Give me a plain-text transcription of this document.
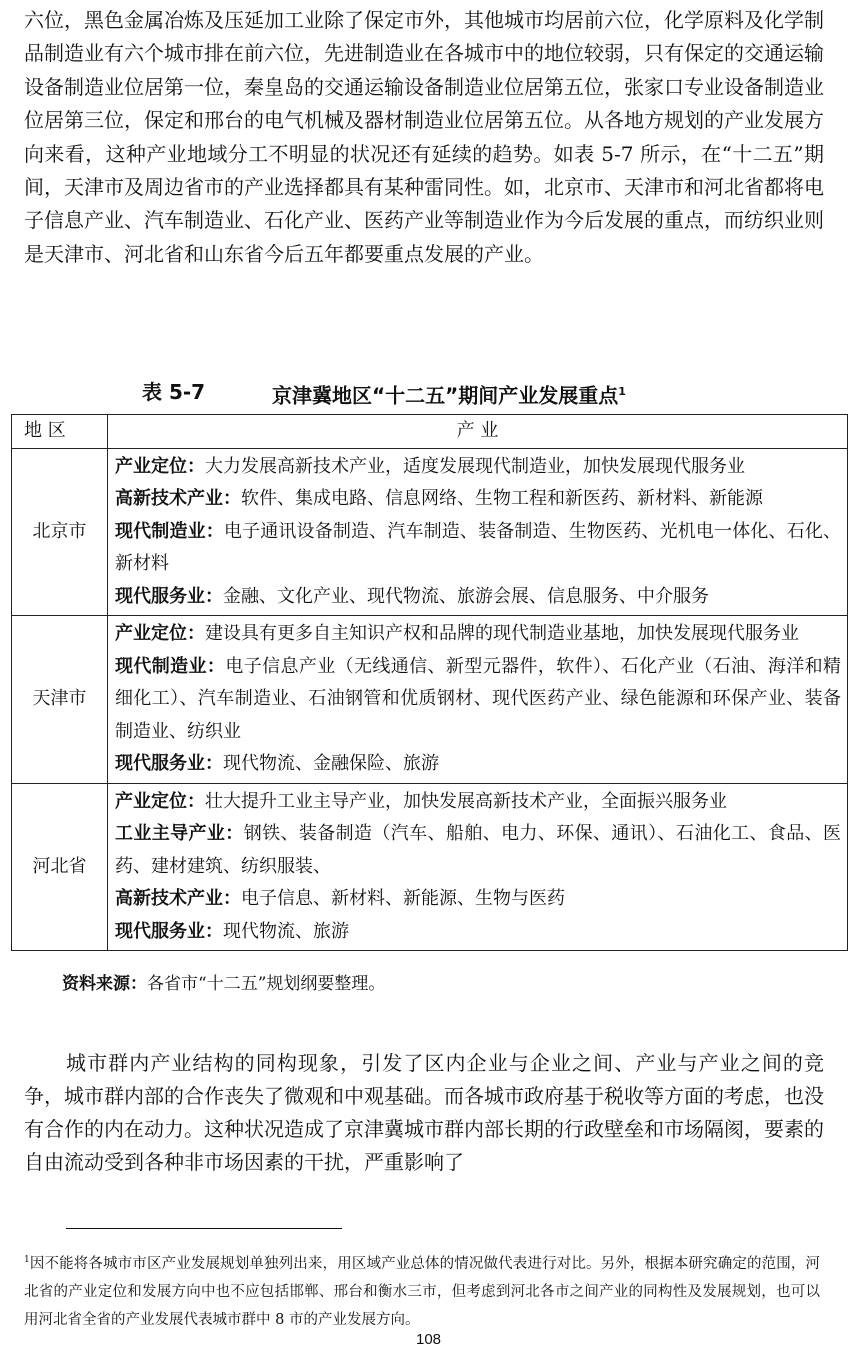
六位，黑色金属冶炼及压延加工业除了保定市外，其他城市均居前六位，化学原料及化学制品制造业有六个城市排在前六位，先进制造业在各城市中的地位较弱，只有保定的交通运输设备制造业位居第一位，秦皇岛的交通运输设备制造业位居第五位，张家口专业设备制造业位居第三位，保定和邢台的电气机械及器材制造业位居第五位。从各地方规划的产业发展方向来看，这种产业地域分工不明显的状况还有延续的趋势。如表 5-7 所示，在“十二五”期间，天津市及周边省市的产业选择都具有某种雷同性。如，北京市、天津市和河北省都将电子信息产业、汽车制造业、石化产业、医药产业等制造业作为今后发展的重点，而纺织业则是天津市、河北省和山东省今后五年都要重点发展的产业。

表 5-7	京津冀地区“十二五”期间产业发展重点$^1$
地 区	产 业
北京市	产业定位：大力发展高新技术产业，适度发展现代制造业，加快发展现代服务业
高新技术产业：软件、集成电路、信息网络、生物工程和新医药、新材料、新能源
现代制造业：电子通讯设备制造、汽车制造、装备制造、生物医药、光机电一体化、石化、新材料
现代服务业：金融、文化产业、现代物流、旅游会展、信息服务、中介服务

天津市	产业定位：建设具有更多自主知识产权和品牌的现代制造业基地，加快发展现代服务业
现代制造业：电子信息产业（无线通信、新型元器件，软件）、石化产业（石油、海洋和精细化工）、汽车制造业、石油钢管和优质钢材、现代医药产业、绿色能源和环保产业、装备制造业、纺织业
现代服务业：现代物流、金融保险、旅游

河北省	产业定位：壮大提升工业主导产业，加快发展高新技术产业，全面振兴服务业
工业主导产业：钢铁、装备制造（汽车、船舶、电力、环保、通讯）、石油化工、食品、医药、建材建筑、纺织服装、
高新技术产业：电子信息、新材料、新能源、生物与医药
现代服务业：现代物流、旅游
资料来源：各省市“十二五”规划纲要整理。

城市群内产业结构的同构现象，引发了区内企业与企业之间、产业与产业之间的竞争，城市群内部的合作丧失了微观和中观基础。而各城市政府基于税收等方面的考虑，也没有合作的内在动力。这种状况造成了京津冀城市群内部长期的行政壁垒和市场隔阂，要素的自由流动受到各种非市场因素的干扰，严重影响了

$^1$因不能将各城市市区产业发展规划单独列出来，用区域产业总体的情况做代表进行对比。另外，根据本研究确定的范围，河北省的产业定位和发展方向中也不应包括邯郸、邢台和衡水三市，但考虑到河北各市之间产业的同构性及发展规划，也可以用河北省全省的产业发展代表城市群中 8 市的产业发展方向。

108
